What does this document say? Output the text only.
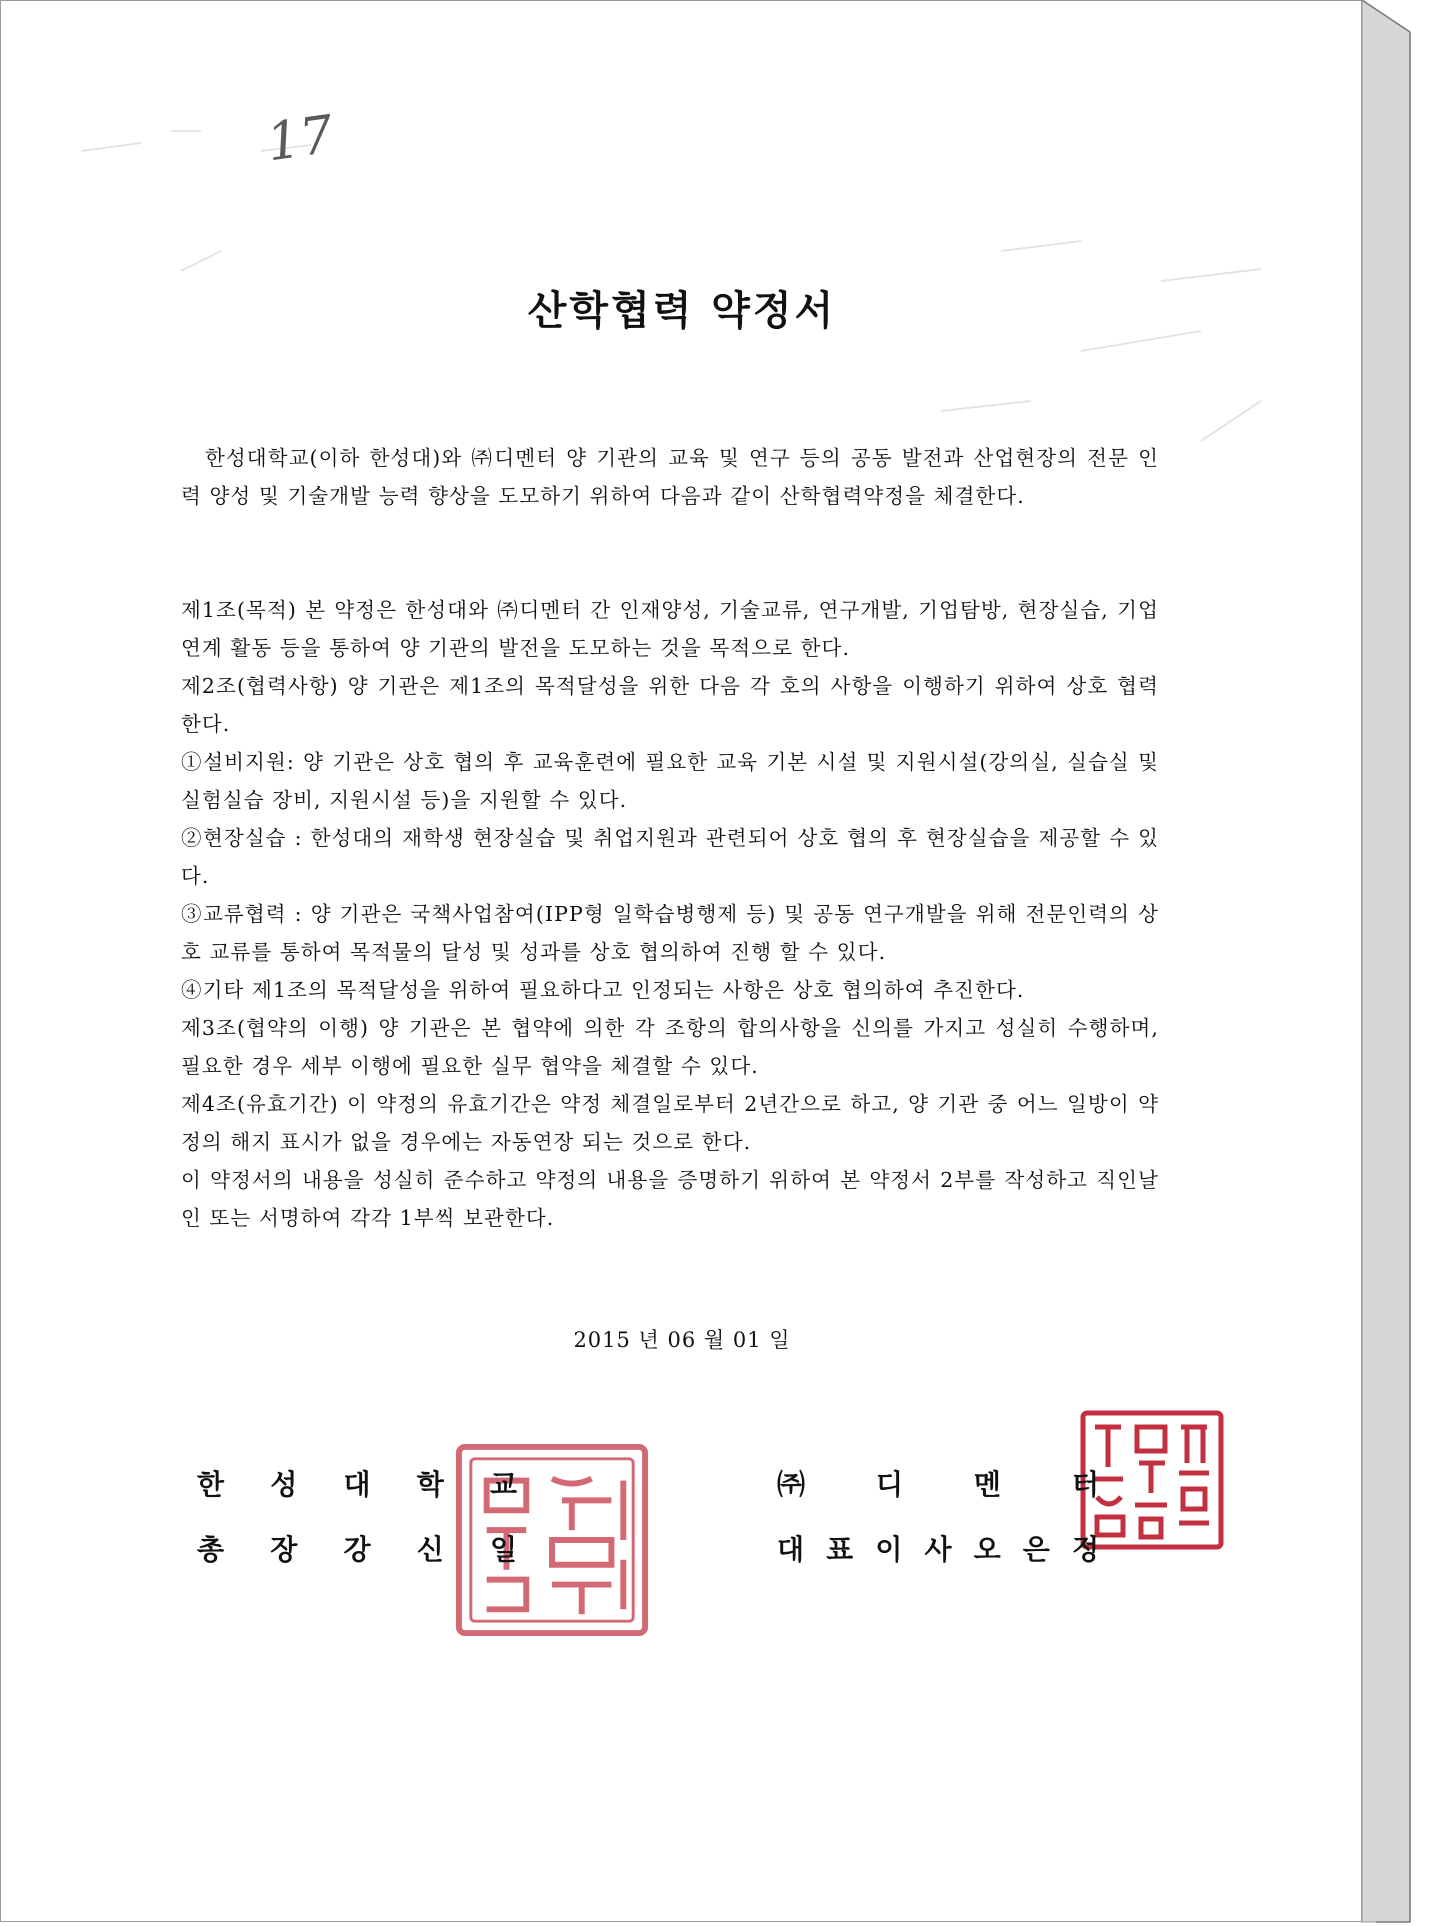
17
산학협력 약정서

한성대학교(이하 한성대)와 ㈜디멘터 양 기관의 교육 및 연구 등의 공동 발전과 산업현장의 전문 인력 양성 및 기술개발 능력 향상을 도모하기 위하여 다음과 같이 산학협력약정을 체결한다.

제1조(목적) 본 약정은 한성대와 ㈜디멘터 간 인재양성, 기술교류, 연구개발, 기업탐방, 현장실습, 기업연계 활동 등을 통하여 양 기관의 발전을 도모하는 것을 목적으로 한다.

제2조(협력사항) 양 기관은 제1조의 목적달성을 위한 다음 각 호의 사항을 이행하기 위하여 상호 협력한다.

①설비지원: 양 기관은 상호 협의 후 교육훈련에 필요한 교육 기본 시설 및 지원시설(강의실, 실습실 및 실험실습 장비, 지원시설 등)을 지원할 수 있다.

②현장실습 : 한성대의 재학생 현장실습 및 취업지원과 관련되어 상호 협의 후 현장실습을 제공할 수 있다.

③교류협력 : 양 기관은 국책사업참여(IPP형 일학습병행제 등) 및 공동 연구개발을 위해 전문인력의 상호 교류를 통하여 목적물의 달성 및 성과를 상호 협의하여 진행 할 수 있다.

④기타 제1조의 목적달성을 위하여 필요하다고 인정되는 사항은 상호 협의하여 추진한다.

제3조(협약의 이행) 양 기관은 본 협약에 의한 각 조항의 합의사항을 신의를 가지고 성실히 수행하며, 필요한 경우 세부 이행에 필요한 실무 협약을 체결할 수 있다.

제4조(유효기간) 이 약정의 유효기간은 약정 체결일로부터 2년간으로 하고, 양 기관 중 어느 일방이 약정의 해지 표시가 없을 경우에는 자동연장 되는 것으로 한다.

이 약정서의 내용을 성실히 준수하고 약정의 내용을 증명하기 위하여 본 약정서 2부를 작성하고 직인날인 또는 서명하여 각각 1부씩 보관한다.

2015 년 06 월 01 일
한 성 대 학 교
총 장 강 신 일
㈜	디	멘	터
대 표 이 사 오 은 정
